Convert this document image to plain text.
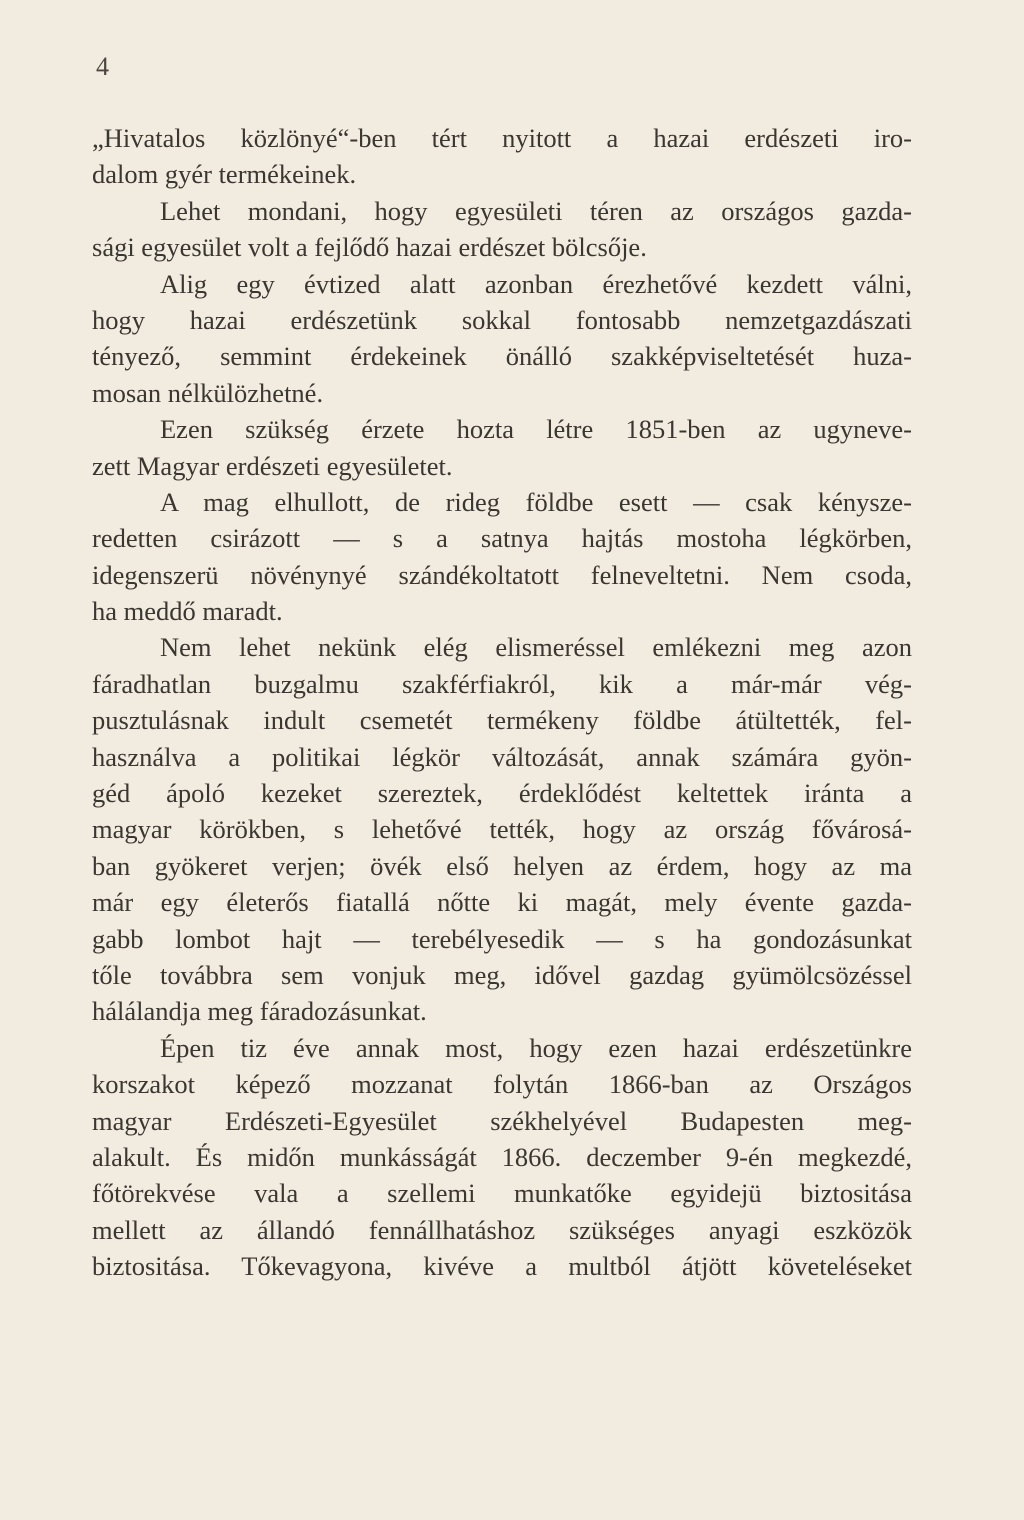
4
„Hivatalos közlönyé“-ben tért nyitott a hazai erdészeti iro-
dalom gyér termékeinek.
Lehet mondani, hogy egyesületi téren az országos gazda-
sági egyesület volt a fejlődő hazai erdészet bölcsője.
Alig egy évtized alatt azonban érezhetővé kezdett válni,
hogy hazai erdészetünk sokkal fontosabb nemzetgazdászati
tényező, semmint érdekeinek önálló szakképviseltetését huza-
mosan nélkülözhetné.
Ezen szükség érzete hozta létre 1851-ben az ugyneve-
zett Magyar erdészeti egyesületet.
A mag elhullott, de rideg földbe esett — csak kénysze-
redetten csirázott — s a satnya hajtás mostoha légkörben,
idegenszerü növénynyé szándékoltatott felneveltetni. Nem csoda,
ha meddő maradt.
Nem lehet nekünk elég elismeréssel emlékezni meg azon
fáradhatlan buzgalmu szakférfiakról, kik a már-már vég-
pusztulásnak indult csemetét termékeny földbe átültették, fel-
használva a politikai légkör változását, annak számára gyön-
géd ápoló kezeket szereztek, érdeklődést keltettek iránta a
magyar körökben, s lehetővé tették, hogy az ország fővárosá-
ban gyökeret verjen; övék első helyen az érdem, hogy az ma
már egy életerős fiatallá nőtte ki magát, mely évente gazda-
gabb lombot hajt — terebélyesedik — s ha gondozásunkat
tőle továbbra sem vonjuk meg, idővel gazdag gyümölcsözéssel
hálálandja meg fáradozásunkat.
Épen tiz éve annak most, hogy ezen hazai erdészetünkre
korszakot képező mozzanat folytán 1866-ban az Országos
magyar Erdészeti-Egyesület székhelyével Budapesten meg-
alakult. És midőn munkásságát 1866. deczember 9-én megkezdé,
főtörekvése vala a szellemi munkatőke egyidejü biztositása
mellett az állandó fennállhatáshoz szükséges anyagi eszközök
biztositása. Tőkevagyona, kivéve a multból átjött követeléseket
